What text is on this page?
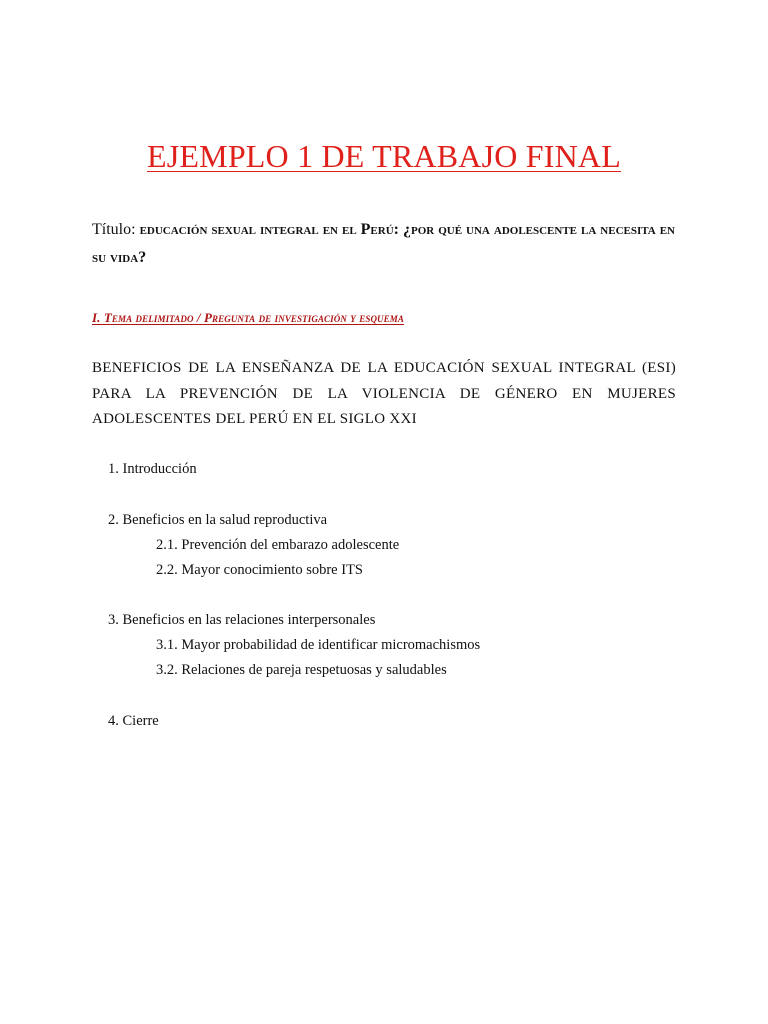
EJEMPLO 1 DE TRABAJO FINAL
Título: educación sexual integral en el Perú: ¿por qué una adolescente la necesita en su vida?
I. Tema delimitado / Pregunta de investigación y esquema
BENEFICIOS DE LA ENSEÑANZA DE LA EDUCACIÓN SEXUAL INTEGRAL (ESI) PARA LA PREVENCIÓN DE LA VIOLENCIA DE GÉNERO EN MUJERES ADOLESCENTES DEL PERÚ EN EL SIGLO XXI
1. Introducción
2. Beneficios en la salud reproductiva
2.1. Prevención del embarazo adolescente
2.2. Mayor conocimiento sobre ITS
3. Beneficios en las relaciones interpersonales
3.1. Mayor probabilidad de identificar micromachismos
3.2. Relaciones de pareja respetuosas y saludables
4. Cierre
